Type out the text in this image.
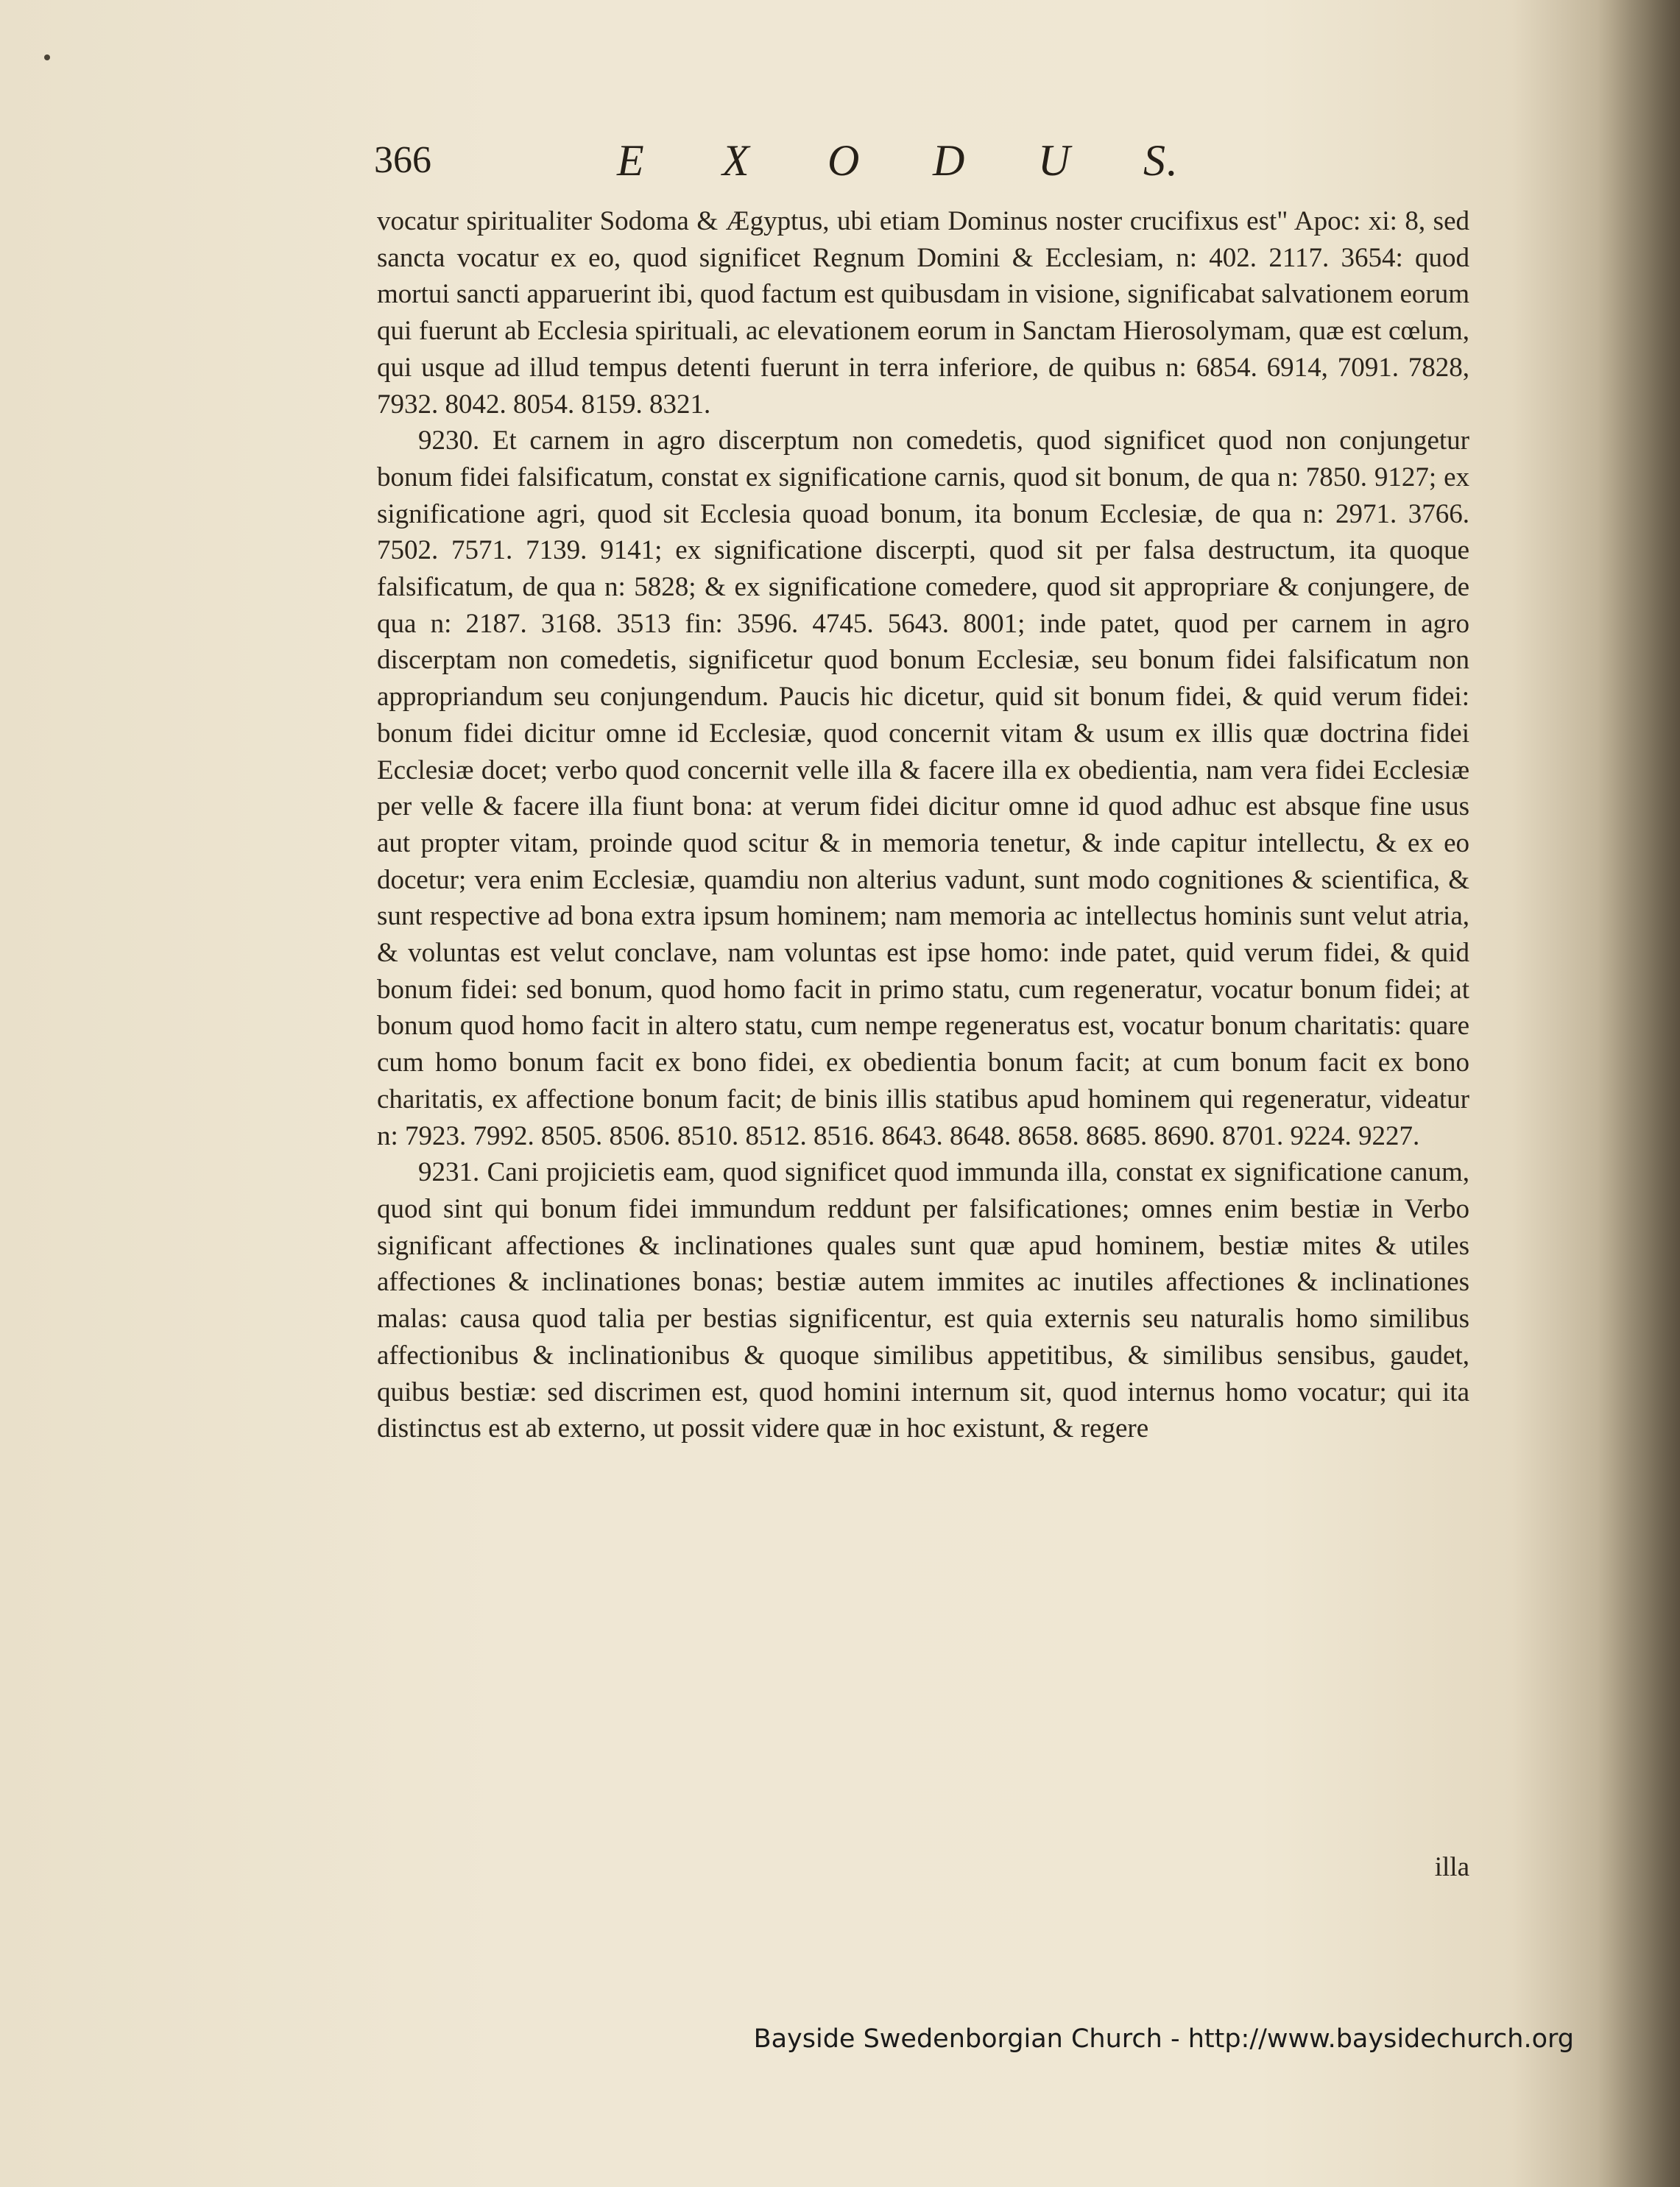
366	E X O D U S.

vocatur spiritualiter Sodoma & Ægyptus, ubi etiam Dominus noster crucifixus est" Apoc: xi: 8, sed sancta vocatur ex eo, quod significet Regnum Domini & Ecclesiam, n: 402. 2117. 3654: quod mortui sancti apparuerint ibi, quod factum est quibusdam in visione, significabat salvationem eorum qui fuerunt ab Ecclesia spirituali, ac elevationem eorum in Sanctam Hierosolymam, quæ est cœlum, qui usque ad illud tempus detenti fuerunt in terra inferiore, de quibus n: 6854. 6914, 7091. 7828, 7932. 8042. 8054. 8159. 8321.

9230. Et carnem in agro discerptum non comedetis, quod significet quod non conjungetur bonum fidei falsificatum, constat ex significatione carnis, quod sit bonum, de qua n: 7850. 9127; ex significatione agri, quod sit Ecclesia quoad bonum, ita bonum Ecclesiæ, de qua n: 2971. 3766. 7502. 7571. 7139. 9141; ex significatione discerpti, quod sit per falsa destructum, ita quoque falsificatum, de qua n: 5828; & ex significatione comedere, quod sit appropriare & conjungere, de qua n: 2187. 3168. 3513 fin: 3596. 4745. 5643. 8001; inde patet, quod per carnem in agro discerptam non comedetis, significetur quod bonum Ecclesiæ, seu bonum fidei falsificatum non appropriandum seu conjungendum. Paucis hic dicetur, quid sit bonum fidei, & quid verum fidei: bonum fidei dicitur omne id Ecclesiæ, quod concernit vitam & usum ex illis quæ doctrina fidei Ecclesiæ docet; verbo quod concernit velle illa & facere illa ex obedientia, nam vera fidei Ecclesiæ per velle & facere illa fiunt bona: at verum fidei dicitur omne id quod adhuc est absque fine usus aut propter vitam, proinde quod scitur & in memoria tenetur, & inde capitur intellectu, & ex eo docetur; vera enim Ecclesiæ, quamdiu non alterius vadunt, sunt modo cognitiones & scientifica, & sunt respective ad bona extra ipsum hominem; nam memoria ac intellectus hominis sunt velut atria, & voluntas est velut conclave, nam voluntas est ipse homo: inde patet, quid verum fidei, & quid bonum fidei: sed bonum, quod homo facit in primo statu, cum regeneratur, vocatur bonum fidei; at bonum quod homo facit in altero statu, cum nempe regeneratus est, vocatur bonum charitatis: quare cum homo bonum facit ex bono fidei, ex obedientia bonum facit; at cum bonum facit ex bono charitatis, ex affectione bonum facit; de binis illis statibus apud hominem qui regeneratur, videatur n: 7923. 7992. 8505. 8506. 8510. 8512. 8516. 8643. 8648. 8658. 8685. 8690. 8701. 9224. 9227.

9231. Cani projicietis eam, quod significet quod immunda illa, constat ex significatione canum, quod sint qui bonum fidei immundum reddunt per falsificationes; omnes enim bestiæ in Verbo significant affectiones & inclinationes quales sunt quæ apud hominem, bestiæ mites & utiles affectiones & inclinationes bonas; bestiæ autem immites ac inutiles affectiones & inclinationes malas: causa quod talia per bestias significentur, est quia externis seu naturalis homo similibus affectionibus & inclinationibus & quoque similibus appetitibus, & similibus sensibus, gaudet, quibus bestiæ: sed discrimen est, quod homini internum sit, quod internus homo vocatur; qui ita distinctus est ab externo, ut possit videre quæ in hoc existunt, & regere

illa
Bayside Swedenborgian Church - http://www.baysidechurch.org
